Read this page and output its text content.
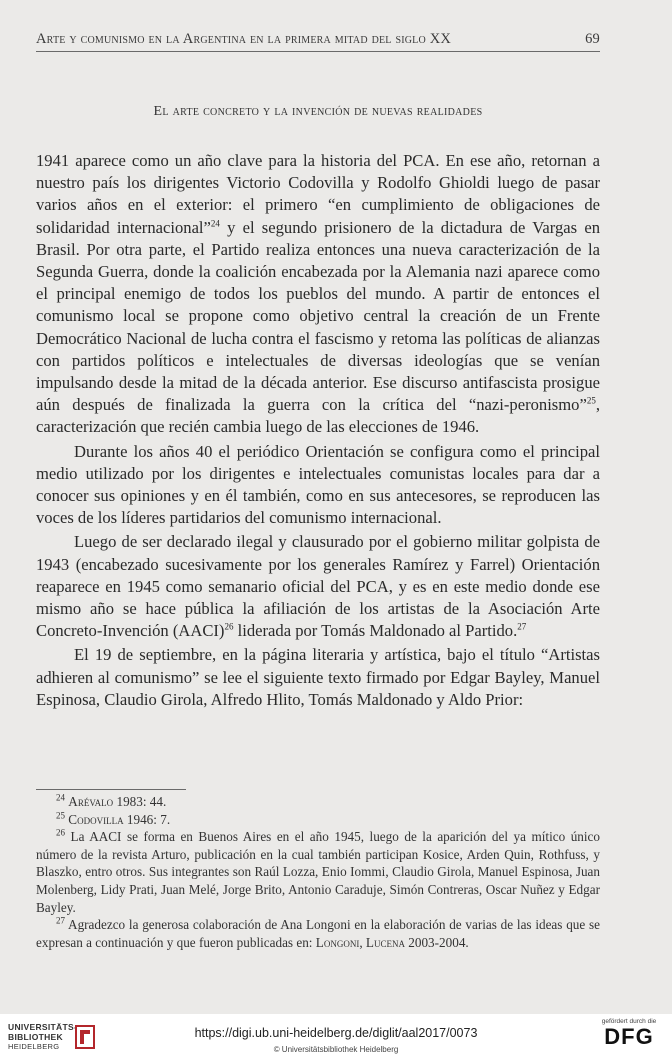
Arte y comunismo en la Argentina en la primera mitad del siglo XX	69
El arte concreto y la invención de nuevas realidades

1941 aparece como un año clave para la historia del PCA. En ese año, retornan a nuestro país los dirigentes Victorio Codovilla y Rodolfo Ghioldi luego de pasar varios años en el exterior: el primero “en cumplimiento de obligaciones de solidaridad internacional”$^{24}$ y el segundo prisionero de la dictadura de Vargas en Brasil. Por otra parte, el Partido realiza entonces una nueva caracterización de la Segunda Guerra, donde la coalición encabezada por la Alemania nazi aparece como el principal enemigo de todos los pueblos del mundo. A partir de entonces el comunismo local se propone como objetivo central la creación de un Frente Democrático Nacional de lucha contra el fascismo y retoma las políticas de alianzas con partidos políticos e intelectuales de diversas ideologías que se venían impulsando desde la mitad de la década anterior. Ese discurso antifascista prosigue aún después de finalizada la guerra con la crítica del “nazi-peronismo”$^{25}$, caracterización que recién cambia luego de las elecciones de 1946.

Durante los años 40 el periódico Orientación se configura como el principal medio utilizado por los dirigentes e intelectuales comunistas locales para dar a conocer sus opiniones y en él también, como en sus antecesores, se reproducen las voces de los líderes partidarios del comunismo internacional.

Luego de ser declarado ilegal y clausurado por el gobierno militar golpista de 1943 (encabezado sucesivamente por los generales Ramírez y Farrel) Orientación reaparece en 1945 como semanario oficial del PCA, y es en este medio donde ese mismo año se hace pública la afiliación de los artistas de la Asociación Arte Concreto-Invención (AACI)$^{26}$ liderada por Tomás Maldonado al Partido.$^{27}$

El 19 de septiembre, en la página literaria y artística, bajo el título “Artistas adhieren al comunismo” se lee el siguiente texto firmado por Edgar Bayley, Manuel Espinosa, Claudio Girola, Alfredo Hlito, Tomás Maldonado y Aldo Prior:

$^{24}$ Arévalo 1983: 44.

$^{25}$ Codovilla 1946: 7.

$^{26}$ La AACI se forma en Buenos Aires en el año 1945, luego de la aparición del ya mítico único número de la revista Arturo, publicación en la cual también participan Kosice, Arden Quin, Rothfuss, y Blaszko, entro otros. Sus integrantes son Raúl Lozza, Enio Iommi, Claudio Girola, Manuel Espinosa, Juan Molenberg, Lidy Prati, Juan Melé, Jorge Brito, Antonio Caraduje, Simón Contreras, Oscar Nuñez y Edgar Bayley.

$^{27}$ Agradezco la generosa colaboración de Ana Longoni en la elaboración de varias de las ideas que se expresan a continuación y que fueron publicadas en: Longoni, Lucena 2003-2004.

UNIVERSITÄTS-
BIBLIOTHEK
HEIDELBERG
https://digi.ub.uni-heidelberg.de/diglit/aal2017/0073
© Universitätsbibliothek Heidelberg
gefördert durch die
DFG
